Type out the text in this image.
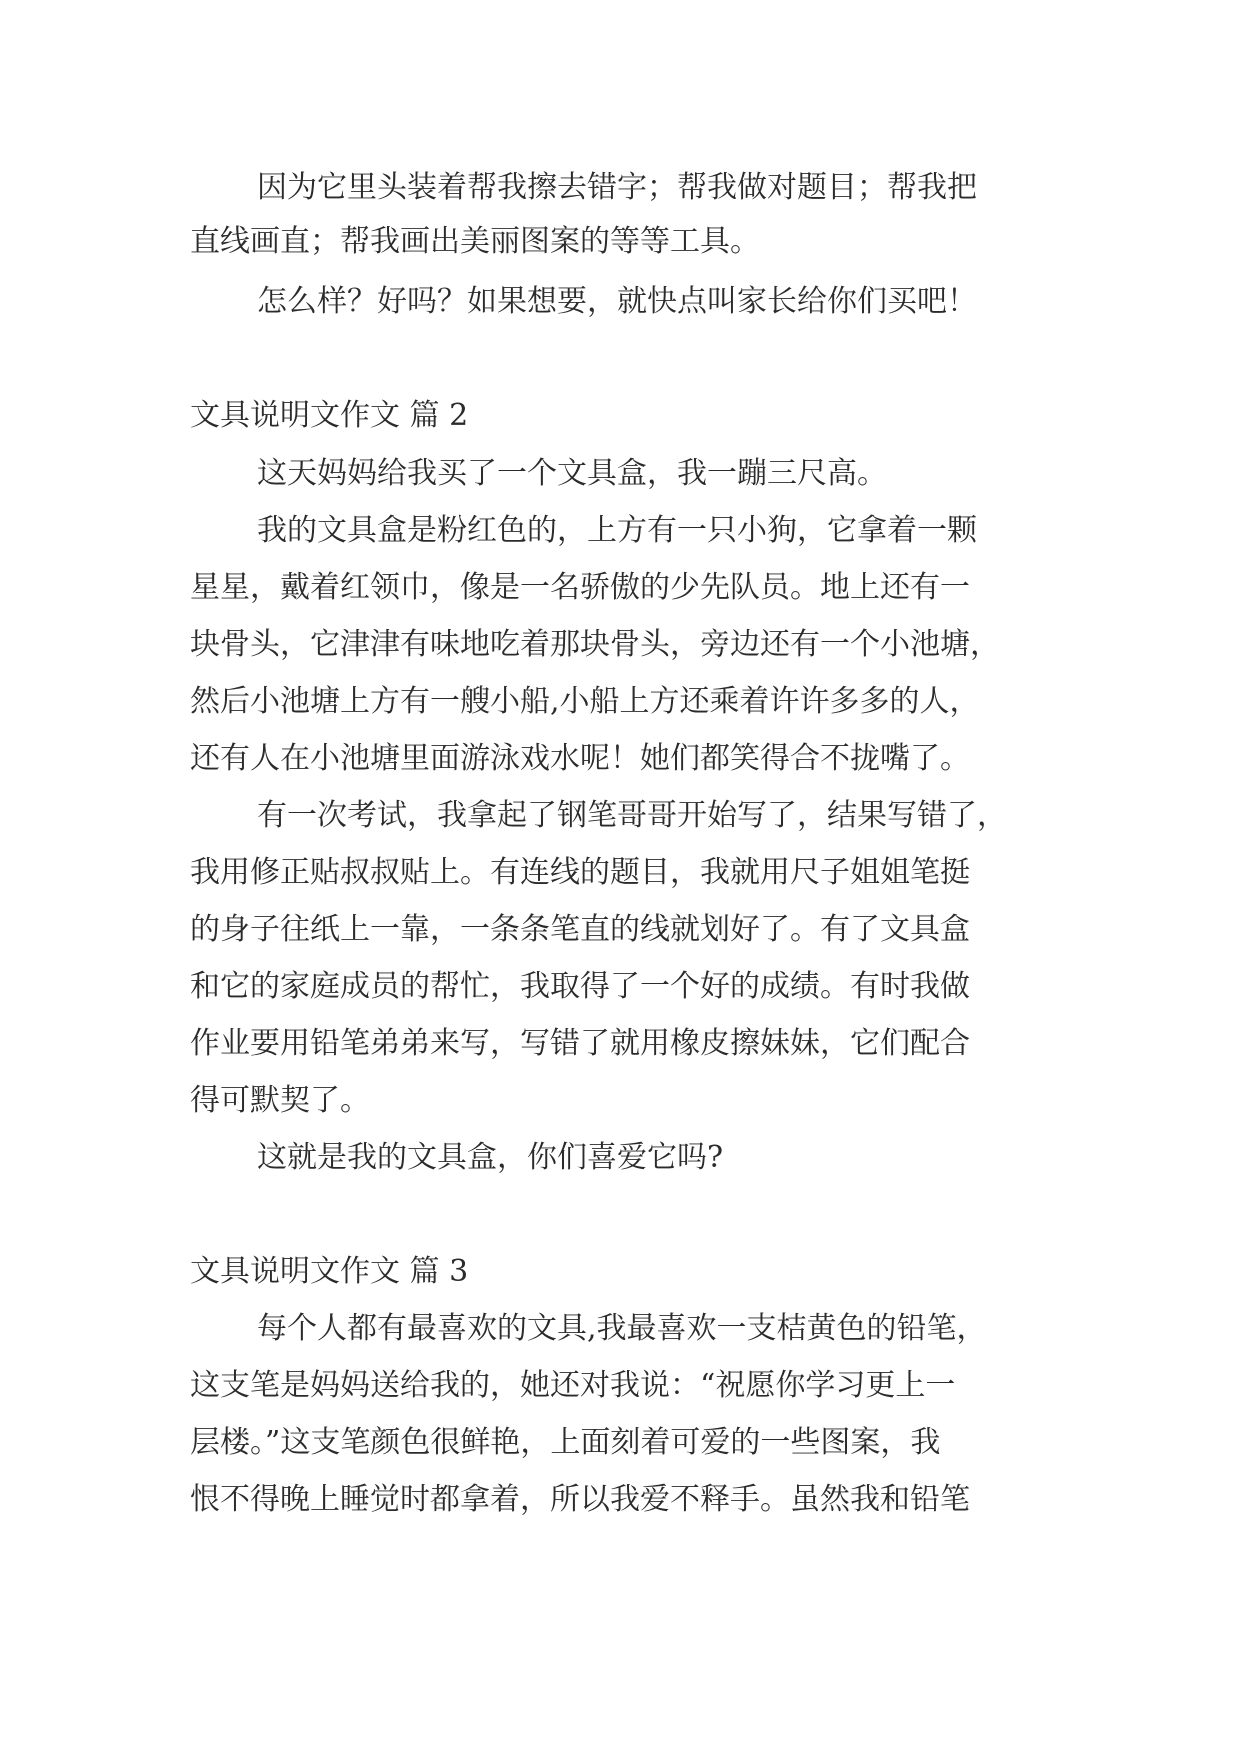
因为它里头装着帮我擦去错字；帮我做对题目；帮我把
直线画直；帮我画出美丽图案的等等工具。
怎么样？好吗？如果想要，就快点叫家长给你们买吧！
文具说明文作文 篇 2
这天妈妈给我买了一个文具盒，我一蹦三尺高。
我的文具盒是粉红色的，上方有一只小狗，它拿着一颗
星星，戴着红领巾，像是一名骄傲的少先队员。地上还有一
块骨头，它津津有味地吃着那块骨头，旁边还有一个小池塘，
然后小池塘上方有一艘小船,小船上方还乘着许许多多的人，
还有人在小池塘里面游泳戏水呢！她们都笑得合不拢嘴了。
有一次考试，我拿起了钢笔哥哥开始写了，结果写错了，
我用修正贴叔叔贴上。有连线的题目，我就用尺子姐姐笔挺
的身子往纸上一靠，一条条笔直的线就划好了。有了文具盒
和它的家庭成员的帮忙，我取得了一个好的成绩。有时我做
作业要用铅笔弟弟来写，写错了就用橡皮擦妹妹，它们配合
得可默契了。
这就是我的文具盒，你们喜爱它吗?
文具说明文作文 篇 3
每个人都有最喜欢的文具,我最喜欢一支桔黄色的铅笔，
这支笔是妈妈送给我的，她还对我说：“祝愿你学习更上一
层楼。”这支笔颜色很鲜艳，上面刻着可爱的一些图案，我
恨不得晚上睡觉时都拿着，所以我爱不释手。虽然我和铅笔
